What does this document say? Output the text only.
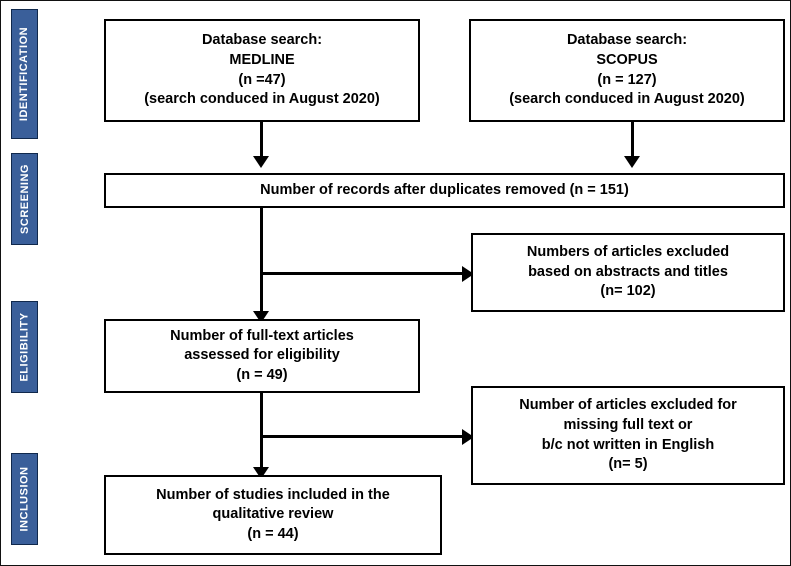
IDENTIFICATION
SCREENING
ELIGIBILITY
INCLUSION
Database search:
MEDLINE
(n =47)
(search conduced in August 2020)
Database search:
SCOPUS
(n = 127)
(search conduced in August 2020)
Number of records after duplicates removed (n = 151)
Numbers of articles excluded
based on abstracts and titles
(n= 102)
Number of full-text articles
assessed for eligibility
(n = 49)
Number of articles excluded for
missing full text or
b/c not written in English
(n= 5)
Number of studies included in the
qualitative review
(n = 44)
